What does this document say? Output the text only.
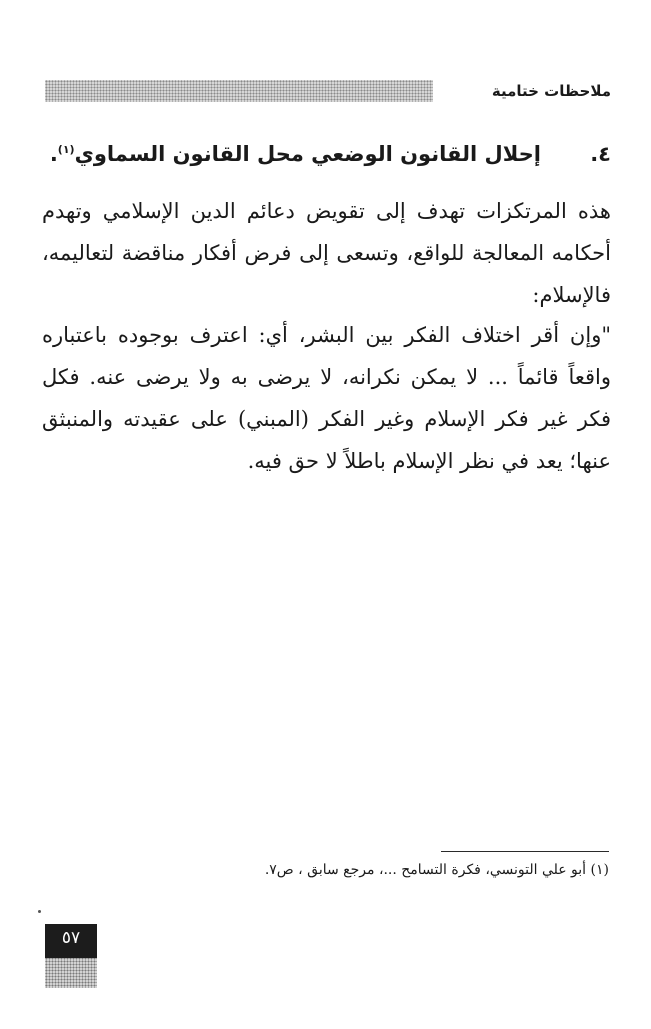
ملاحظات ختامية
٤.إحلال القانون الوضعي محل القانون السماوي$^{(١)}$.

هذه المرتكزات تهدف إلى تقويض دعائم الدين الإسلامي وتهدم أحكامه المعالجة للواقع، وتسعى إلى فرض أفكار مناقضة لتعاليمه، فالإسلام:

"وإن أقر اختلاف الفكر بين البشر، أي: اعترف بوجوده باعتباره واقعاً قائماً ... لا يمكن نكرانه، لا يرضى به ولا يرضى عنه. فكل فكر غير فكر الإسلام وغير الفكر (المبني) على عقيدته والمنبثق عنها؛ يعد في نظر الإسلام باطلاً لا حق فيه.

(١) أبو علي التونسي، فكرة التسامح ...، مرجع سابق ، ص٧.
٥٧
